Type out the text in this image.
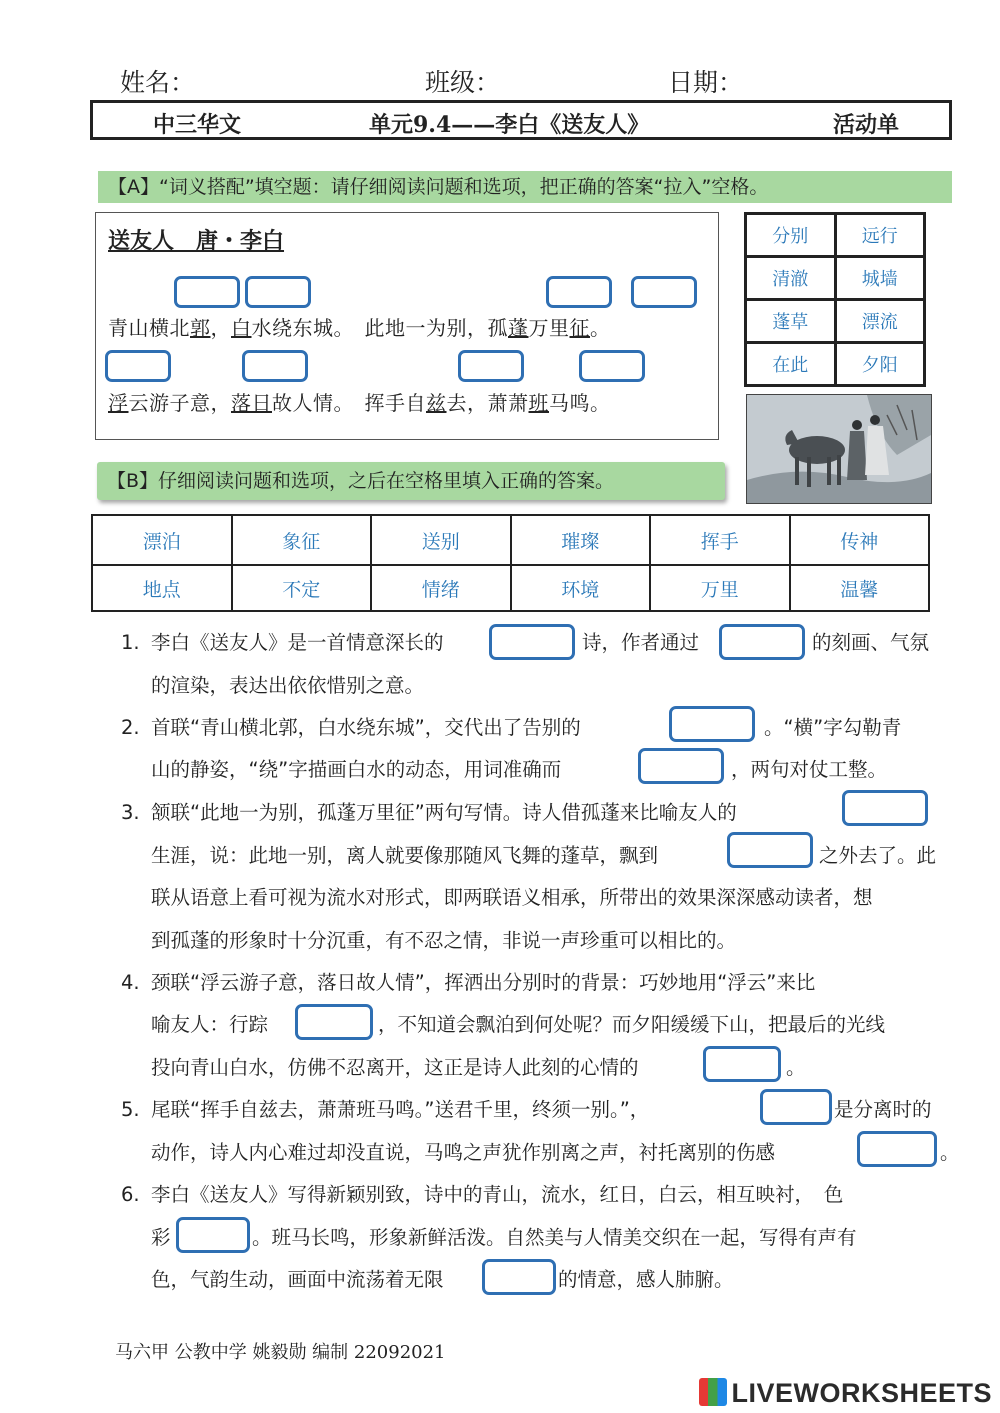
姓名：	班级：	日期：
中三华文	单元9.4——李白《送友人》	活动单
【A】“词义搭配”填空题：请仔细阅读问题和选项，把正确的答案“拉入”空格。
送友人　唐・李白
青山横北郭，白水绕东城。　此地一为别，孤蓬万里征。
浮云游子意，落日故人情。　挥手自兹去，萧萧班马鸣。
分别	远行
清澈	城墙
蓬草	漂流
在此	夕阳
【B】仔细阅读问题和选项，之后在空格里填入正确的答案。
漂泊	象征	送别	璀璨	挥手	传神
地点	不定	情绪	环境	万里	温馨
1. 李白《送友人》是一首情意深长的	诗，作者通过	的刻画、气氛
的渲染，表达出依依惜别之意。
2. 首联“青山横北郭，白水绕东城”，交代出了告别的	。“横”字勾勒青
山的静姿，“绕”字描画白水的动态，用词准确而	，两句对仗工整。
3. 颔联“此地一为别，孤蓬万里征”两句写情。诗人借孤蓬来比喻友人的
生涯，说：此地一别，离人就要像那随风飞舞的蓬草，飘到	之外去了。此
联从语意上看可视为流水对形式，即两联语义相承，所带出的效果深深感动读者，想
到孤蓬的形象时十分沉重，有不忍之情，非说一声珍重可以相比的。
4. 颈联“浮云游子意，落日故人情”，挥洒出分别时的背景：巧妙地用“浮云”来比
喻友人：行踪	，不知道会飘泊到何处呢？而夕阳缓缓下山，把最后的光线
投向青山白水，仿佛不忍离开，这正是诗人此刻的心情的	。
5. 尾联“挥手自兹去，萧萧班马鸣。”送君千里，终须一别。”，	是分离时的
动作，诗人内心难过却没直说，马鸣之声犹作别离之声，衬托离别的伤感	。
6. 李白《送友人》写得新颖别致，诗中的青山，流水，红日，白云，相互映衬，　色
彩	。班马长鸣，形象新鲜活泼。自然美与人情美交织在一起，写得有声有
色，气韵生动，画面中流荡着无限	的情意，感人肺腑。
马六甲 公教中学 姚毅勋 编制 22092021
LIVEWORKSHEETS
